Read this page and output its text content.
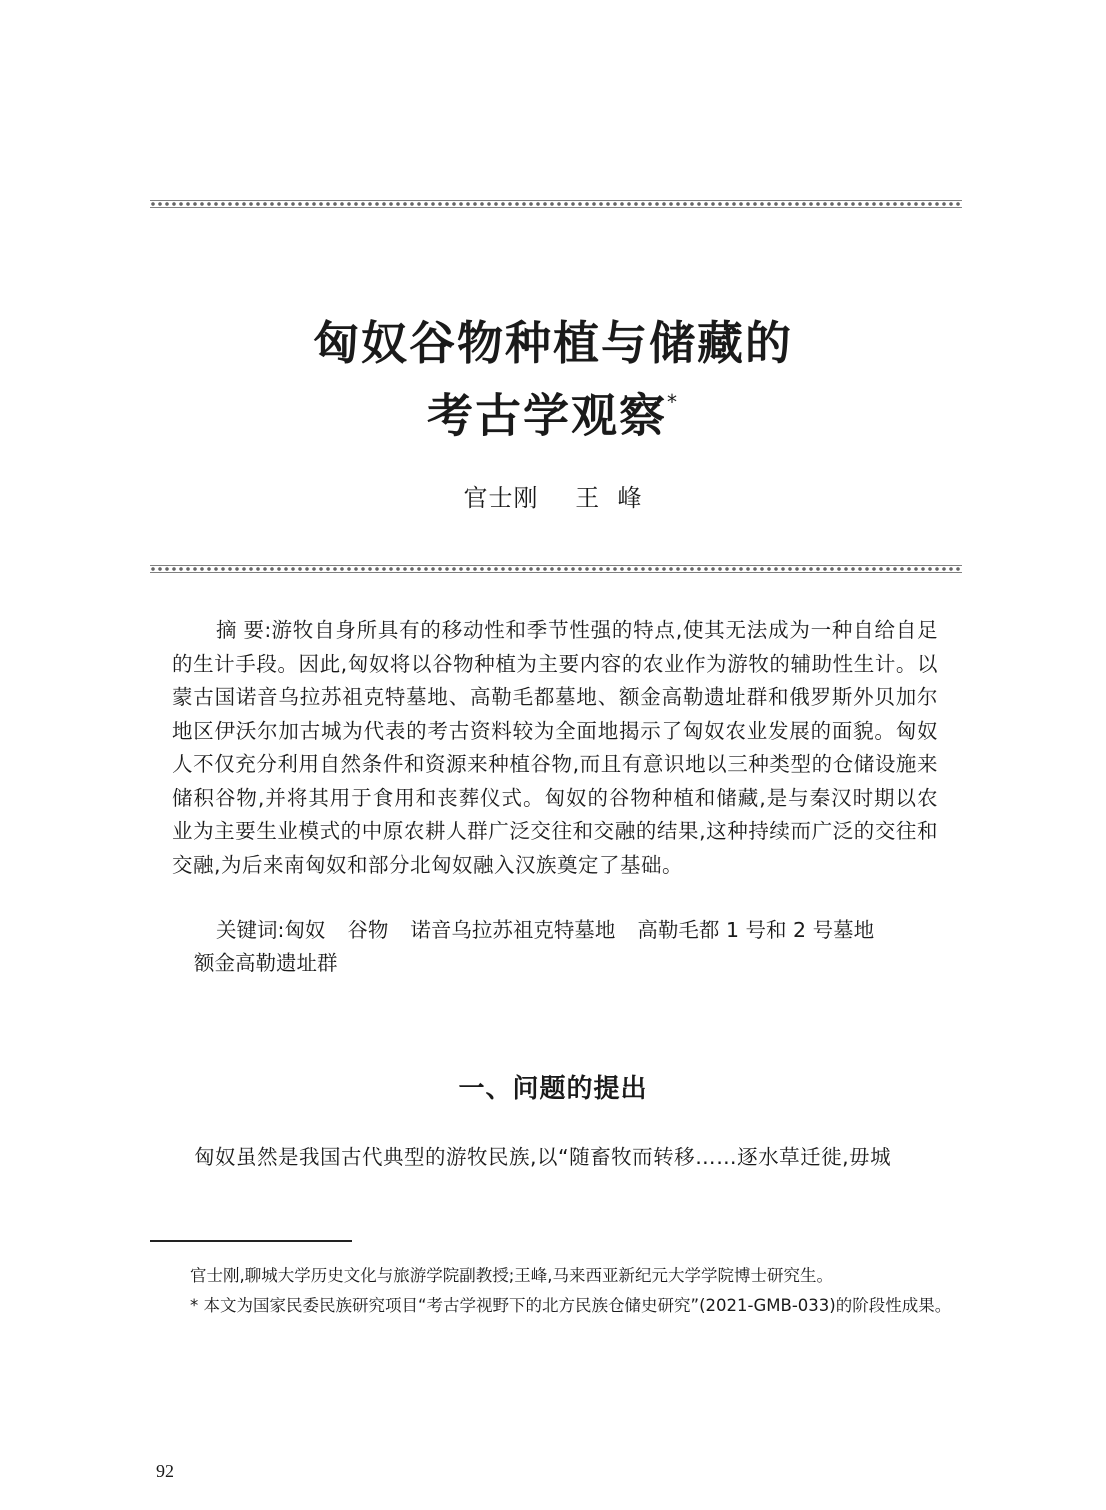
匈奴谷物种植与储藏的
考古学观察*
官士刚 王  峰

摘 要:游牧自身所具有的移动性和季节性强的特点,使其无法成为一种自给自足的生计手段。因此,匈奴将以谷物种植为主要内容的农业作为游牧的辅助性生计。以蒙古国诺音乌拉苏祖克特墓地、高勒毛都墓地、额金高勒遗址群和俄罗斯外贝加尔地区伊沃尔加古城为代表的考古资料较为全面地揭示了匈奴农业发展的面貌。匈奴人不仅充分利用自然条件和资源来种植谷物,而且有意识地以三种类型的仓储设施来储积谷物,并将其用于食用和丧葬仪式。匈奴的谷物种植和储藏,是与秦汉时期以农业为主要生业模式的中原农耕人群广泛交往和交融的结果,这种持续而广泛的交往和交融,为后来南匈奴和部分北匈奴融入汉族奠定了基础。

关键词:匈奴 谷物 诺音乌拉苏祖克特墓地 高勒毛都 1 号和 2 号墓地
额金高勒遗址群
一、问题的提出
匈奴虽然是我国古代典型的游牧民族,以“随畜牧而转移……逐水草迁徙,毋城

官士刚,聊城大学历史文化与旅游学院副教授;王峰,马来西亚新纪元大学学院博士研究生。

* 本文为国家民委民族研究项目“考古学视野下的北方民族仓储史研究”(2021-GMB-033)的阶段性成果。

92
